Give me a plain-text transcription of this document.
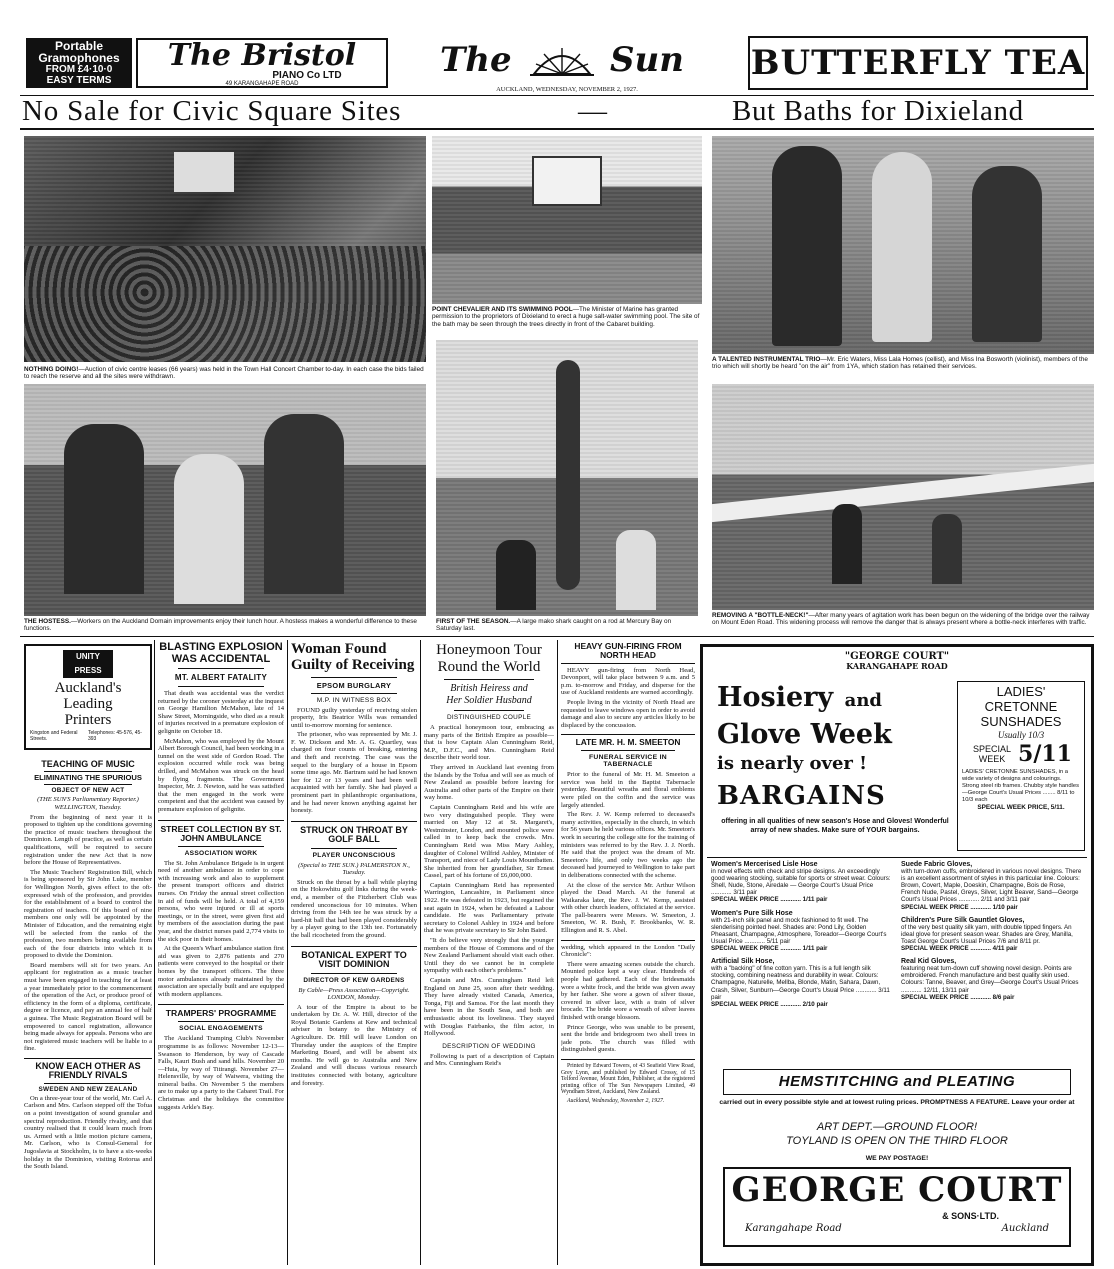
Portable
Gramophones
FROM £4·10·0
EASY TERMS
The Bristol
PIANO Co LTD
49 KARANGAHAPE ROAD
The	Sun
AUCKLAND, WEDNESDAY, NOVEMBER 2, 1927.
BUTTERFLY TEA
No Sale for Civic Square Sites	—	But Baths for Dixieland
NOTHING DOING!—Auction of civic centre leases (66 years) was held in the Town Hall Concert Chamber to-day. In each case the bids failed to reach the reserve and all the sites were withdrawn.
POINT CHEVALIER AND ITS SWIMMING POOL—The Minister of Marine has granted permission to the proprietors of Dixieland to erect a huge salt-water swimming pool. The site of the bath may be seen through the trees directly in front of the Cabaret building.
A TALENTED INSTRUMENTAL TRIO—Mr. Eric Waters, Miss Lala Homes (cellist), and Miss Ina Bosworth (violinist), members of the trio which will shortly be heard "on the air" from 1YA, which station has retained their services.
THE HOSTESS.—Workers on the Auckland Domain improvements enjoy their lunch hour. A hostess makes a wonderful difference to these functions.
FIRST OF THE SEASON.—A large mako shark caught on a rod at Mercury Bay on Saturday last.
REMOVING A "BOTTLE-NECK!"—After many years of agitation work has been begun on the widening of the bridge over the railway on Mount Eden Road. This widening process will remove the danger that is always present where a bottle-neck interferes with traffic.
UNITY PRESS
Auckland's
Leading
Printers
Kingston and Federal Streets.
Telephones: 45-576, 45-393
TEACHING OF MUSIC
ELIMINATING THE SPURIOUS
OBJECT OF NEW ACT

(THE SUN'S Parliamentary Reporter.) WELLINGTON, Tuesday.

From the beginning of next year it is proposed to tighten up the conditions governing the practice of music teachers throughout the Dominion. Length of practice, as well as certain qualifications, will be required to secure registration under the new Act that is now before the House of Representatives.

The Music Teachers' Registration Bill, which is being sponsored by Sir John Luke, member for Wellington North, gives effect to the oft-expressed wish of the profession, and provides for the establishment of a board to control the registration of teachers. Of this board of nine members one only will be appointed by the Minister of Education, and the remaining eight will be selected from the ranks of the profession, two members being available from each of the four districts into which it is proposed to divide the Dominion.

Board members will sit for two years. An applicant for registration as a music teacher must have been engaged in teaching for at least a year immediately prior to the commencement of the operation of the Act, or produce proof of efficiency in the form of a diploma, certificate, degree or licence, and pay an annual fee of half a guinea. The Music Registration Board will be empowered to cancel registration, allowance being made always for appeals. Persons who are not registered music teachers will be liable to a fine.

KNOW EACH OTHER AS FRIENDLY RIVALS
SWEDEN AND NEW ZEALAND

On a three-year tour of the world, Mr. Carl A. Carlson and Mrs. Carlson stepped off the Tofua on a point investigation of sound granular and spectral reproduction. Friendly rivalry, and that country realised that it could learn much from us. Armed with a little motion picture camera, Mr. Carlson, who is Consul-General for Jugoslavia at Stockholm, is to have a six-weeks holiday in the Dominion, visiting Rotorua and the South Island.

BLASTING EXPLOSION WAS ACCIDENTAL
MT. ALBERT FATALITY

That death was accidental was the verdict returned by the coroner yesterday at the inquest on George Hamilton McMahon, late of 14 Shaw Street, Morningside, who died as a result of injuries received in a premature explosion of gelignite on October 18.

McMahon, who was employed by the Mount Albert Borough Council, had been working in a tunnel on the west side of Gordon Road. The explosion occurred while rock was being drilled, and McMahon was struck on the head by flying fragments. The Government Inspector, Mr. J. Newton, said he was satisfied that the men engaged in the work were competent and that the accident was caused by premature explosion of gelignite.

STREET COLLECTION BY ST. JOHN AMBULANCE
ASSOCIATION WORK

The St. John Ambulance Brigade is in urgent need of another ambulance in order to cope with increasing work and also to supplement the present transport officers and district nurses. On Friday the annual street collection in aid of funds will be held. A total of 4,159 persons, who were injured or ill at sports meetings, or in the street, were given first aid by members of the association during the past year, and the district nurses paid 2,774 visits to the sick poor in their homes.

At the Queen's Wharf ambulance station first aid was given to 2,876 patients and 270 patients were conveyed to the hospital or their homes by the transport officers. The three motor ambulances already maintained by the association are specially built and are equipped with modern appliances.

TRAMPERS' PROGRAMME
SOCIAL ENGAGEMENTS

The Auckland Tramping Club's November programme is as follows: November 12-13—Swanson to Henderson, by way of Cascade Falls, Kauri Bush and sand hills. November 20—Huia, by way of Titirangi. November 27—Helensville, by way of Waiwera, visiting the mineral baths. On November 5 the members are to make up a party to the Cabaret Trail. For Christmas and the holidays the committee suggests Arkle's Bay.

Woman Found
Guilty of Receiving
EPSOM BURGLARY
M.P. IN WITNESS BOX

FOUND guilty yesterday of receiving stolen property, Iris Beatrice Wills was remanded until to-morrow morning for sentence.

The prisoner, who was represented by Mr. J. F. W. Dickson and Mr. A. G. Quartley, was charged on four counts of breaking, entering and theft and receiving. The case was the sequel to the burglary of a house in Epsom some time ago. Mr. Bartram said he had known her for 12 or 13 years and had been well acquainted with her family. She had played a prominent part in philanthropic organisations, and he had never known anything against her honesty.

STRUCK ON THROAT BY GOLF BALL
PLAYER UNCONSCIOUS

(Special to THE SUN.) PALMERSTON N., Tuesday.

Struck on the throat by a ball while playing on the Hokowhitu golf links during the week-end, a member of the Fitzherbert Club was rendered unconscious for 10 minutes. When driving from the 14th tee he was struck by a hard-hit ball that had been played considerably by a player going to the 13th tee. Fortunately the ball ricocheted from the ground.

BOTANICAL EXPERT TO VISIT DOMINION
DIRECTOR OF KEW GARDENS

By Cable—Press Association—Copyright. LONDON, Monday.

A tour of the Empire is about to be undertaken by Dr. A. W. Hill, director of the Royal Botanic Gardens at Kew and technical adviser in botany to the Ministry of Agriculture. Dr. Hill will leave London on Thursday under the auspices of the Empire Marketing Board, and will be absent six months. He will go to Australia and New Zealand and will discuss various research institutes connected with botany, agriculture and forestry.

Honeymoon Tour
Round the World
British Heiress and
Her Soldier Husband
DISTINGUISHED COUPLE

A practical honeymoon tour, embracing as many parts of the British Empire as possible—that is how Captain Alan Cunningham Reid, M.P., D.F.C., and Mrs. Cunningham Reid describe their world tour.

They arrived in Auckland last evening from the Islands by the Tofua and will see as much of New Zealand as possible before leaving for Australia and other parts of the Empire on their way home.

Captain Cunningham Reid and his wife are two very distinguished people. They were married on May 12 at St. Margaret's, Westminster, London, and mounted police were called in to keep back the crowds. Mrs. Cunningham Reid was Miss Mary Ashley, daughter of Colonel Wilfrid Ashley, Minister of Transport, and niece of Lady Louis Mountbatten. She inherited from her grandfather, Sir Ernest Cassel, part of his fortune of £6,000,000.

Captain Cunningham Reid has represented Warrington, Lancashire, in Parliament since 1922. He was defeated in 1923, but regained the seat again in 1924, when he defeated a Labour candidate. He was Parliamentary private secretary to Colonel Ashley in 1924 and before that he was private secretary to Sir John Baird.

"It do believe very strongly that the younger members of the House of Commons and of the New Zealand Parliament should visit each other. Until they do we cannot be in complete sympathy with each other's problems."

Captain and Mrs. Cunningham Reid left England on June 25, soon after their wedding. They have already visited Canada, America, Tonga, Fiji and Samoa. For the last month they have been in the South Seas, and both are enthusiastic about its loveliness. They stayed with Douglas Fairbanks, the film actor, in Hollywood.

DESCRIPTION OF WEDDING

Following is part of a description of Captain and Mrs. Cunningham Reid's

HEAVY GUN-FIRING FROM NORTH HEAD

HEAVY gun-firing from North Head, Devonport, will take place between 9 a.m. and 5 p.m. to-morrow and Friday, and disperse for the use of Auckland residents are warned accordingly.

People living in the vicinity of North Head are requested to leave windows open in order to avoid damage and also to secure any articles likely to be displaced by the concussion.

LATE MR. H. M. SMEETON
FUNERAL SERVICE IN
TABERNACLE

Prior to the funeral of Mr. H. M. Smeeton a service was held in the Baptist Tabernacle yesterday. Beautiful wreaths and floral emblems were piled on the coffin and the service was largely attended.

The Rev. J. W. Kemp referred to deceased's many activities, especially in the church, in which for 56 years he held various offices. Mr. Smeeton's work in securing the college site for the training of ministers was referred to by the Rev. J. J. North. He said that the project was the dream of Mr. Smeeton's life, and only two weeks ago the deceased had journeyed to Wellington to take part in deliberations connected with the scheme.

At the close of the service Mr. Arthur Wilson played the Dead March. At the funeral at Waikaraka later, the Rev. J. W. Kemp, assisted with other church leaders, officiated at the service. The pall-bearers were Messrs. W. Smeeton, J. Smeeton, W. R. Bush, F. Brookbanks, W. R. Ellington and R. S. Abel.

wedding, which appeared in the London "Daily Chronicle":

There were amazing scenes outside the church. Mounted police kept a way clear. Hundreds of people had gathered. Each of the bridesmaids wore a white frock, and the bride was given away by her father. She wore a gown of silver tissue, covered in silver lace, with a train of silver brocade. The bride wore a wreath of silver leaves finished with orange blossom.

Prince George, who was unable to be present, sent the bride and bridegroom two shell trees in jade pots. The church was filled with distinguished guests.

Printed by Edward Towers, of 43 Seafield View Road, Grey Lynn, and published by Edward Crossy, of 15 Telford Avenue, Mount Eden, Publisher, at the registered printing office of The Sun Newspapers Limited, 49 Wyndham Street, Auckland, New Zealand.

Auckland, Wednesday, November 2, 1927.

"GEORGE COURT"
KARANGAHAPE ROAD
Hosiery and
Glove Week
is nearly over !
BARGAINS
offering in all qualities of new season's Hose and Gloves! Wonderful array of new shades. Make sure of YOUR bargains.
LADIES'
CRETONNE
SUNSHADES
Usually 10/3
SPECIAL WEEK 5/11
LADIES' CRETONNE SUNSHADES, in a wide variety of designs and colourings. Strong steel rib frames. Chubby style handles—George Court's Usual Prices ........ 8/11 to 10/3 each
SPECIAL WEEK PRICE, 5/11.
Women's Mercerised Lisle Hose
in novel effects with check and stripe designs. An exceedingly good wearing stocking, suitable for sports or street wear. Colours: Shell, Nude, Stone, Airedale — George Court's Usual Price ............ 3/11 pair
SPECIAL WEEK PRICE ............ 1/11 pair
Women's Pure Silk Hose
with 21-inch silk panel and mock fashioned to fit well. The slenderising pointed heel. Shades are: Pond Lily, Golden Pheasant, Champagne, Atmosphere, Toreador—George Court's Usual Price ............ 5/11 pair
SPECIAL WEEK PRICE ............ 1/11 pair
Artificial Silk Hose,
with a "backing" of fine cotton yarn. This is a full length silk stocking, combining neatness and durability in wear. Colours: Champagne, Naturelle, Mellba, Blonde, Matin, Sahara, Dawn, Crash, Silver, Sunburn—George Court's Usual Price ............ 3/11 pair
SPECIAL WEEK PRICE ............ 2/10 pair
Suede Fabric Gloves,
with turn-down cuffs, embroidered in various novel designs. There is an excellent assortment of styles in this particular line. Colours: Brown, Covert, Maple, Doeskin, Champagne, Bois de Rose, French Nude, Pastel, Greys, Silver, Light Beaver, Sand—George Court's Usual Prices ............ 2/11 and 3/11 pair
SPECIAL WEEK PRICE ............ 1/10 pair
Children's Pure Silk Gauntlet Gloves,
of the very best quality silk yarn, with double tipped fingers. An ideal glove for present season wear. Shades are Grey, Manilla, Toast George Court's Usual Prices 7/6 and 8/11 pr.
SPECIAL WEEK PRICE ............ 4/11 pair
Real Kid Gloves,
featuring neat turn-down cuff showing novel design. Points are embroidered. French manufacture and best quality skin used. Colours: Tanne, Beaver, and Grey—George Court's Usual Prices ............ 12/11, 13/11 pair
SPECIAL WEEK PRICE ............ 8/6 pair
HEMSTITCHING and PLEATING
carried out in every possible style and at lowest ruling prices. PROMPTNESS A FEATURE. Leave your order at
ART DEPT.—GROUND FLOOR!
TOYLAND IS OPEN ON THE THIRD FLOOR
WE PAY POSTAGE!
GEORGE COURT
& SONS·LTD.
Karangahape Road	Auckland
